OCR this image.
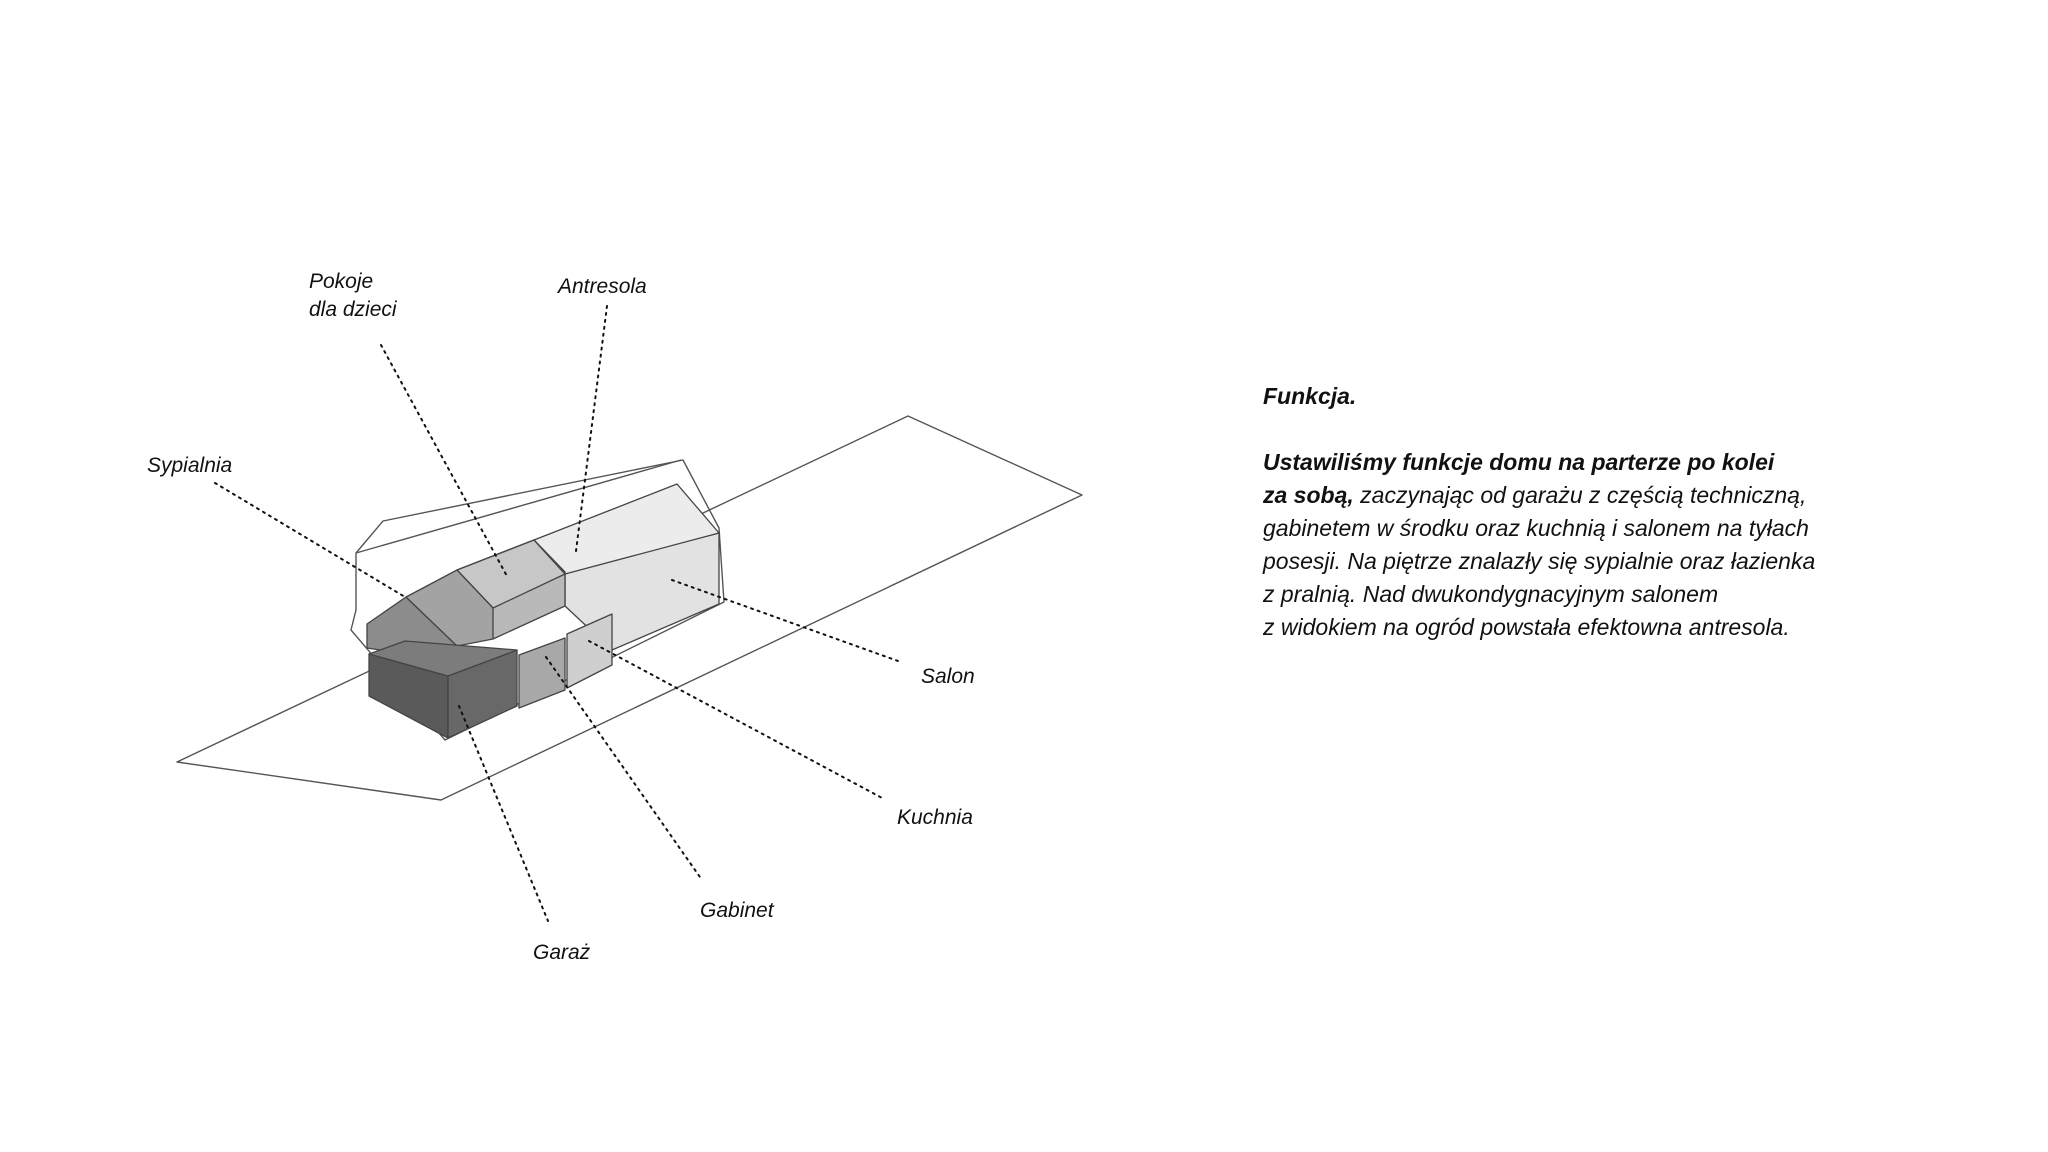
Sypialnia
Pokoje
dla dzieci
Antresola
Salon
Kuchnia
Gabinet
Garaż

Funkcja.

Ustawiliśmy funkcje domu na parterze po kolei
za sobą, zaczynając od garażu z częścią techniczną,
gabinetem w środku oraz kuchnią i salonem na tyłach
posesji. Na piętrze znalazły się sypialnie oraz łazienka
z pralnią. Nad dwukondygnacyjnym salonem
z widokiem na ogród powstała efektowna antresola.
